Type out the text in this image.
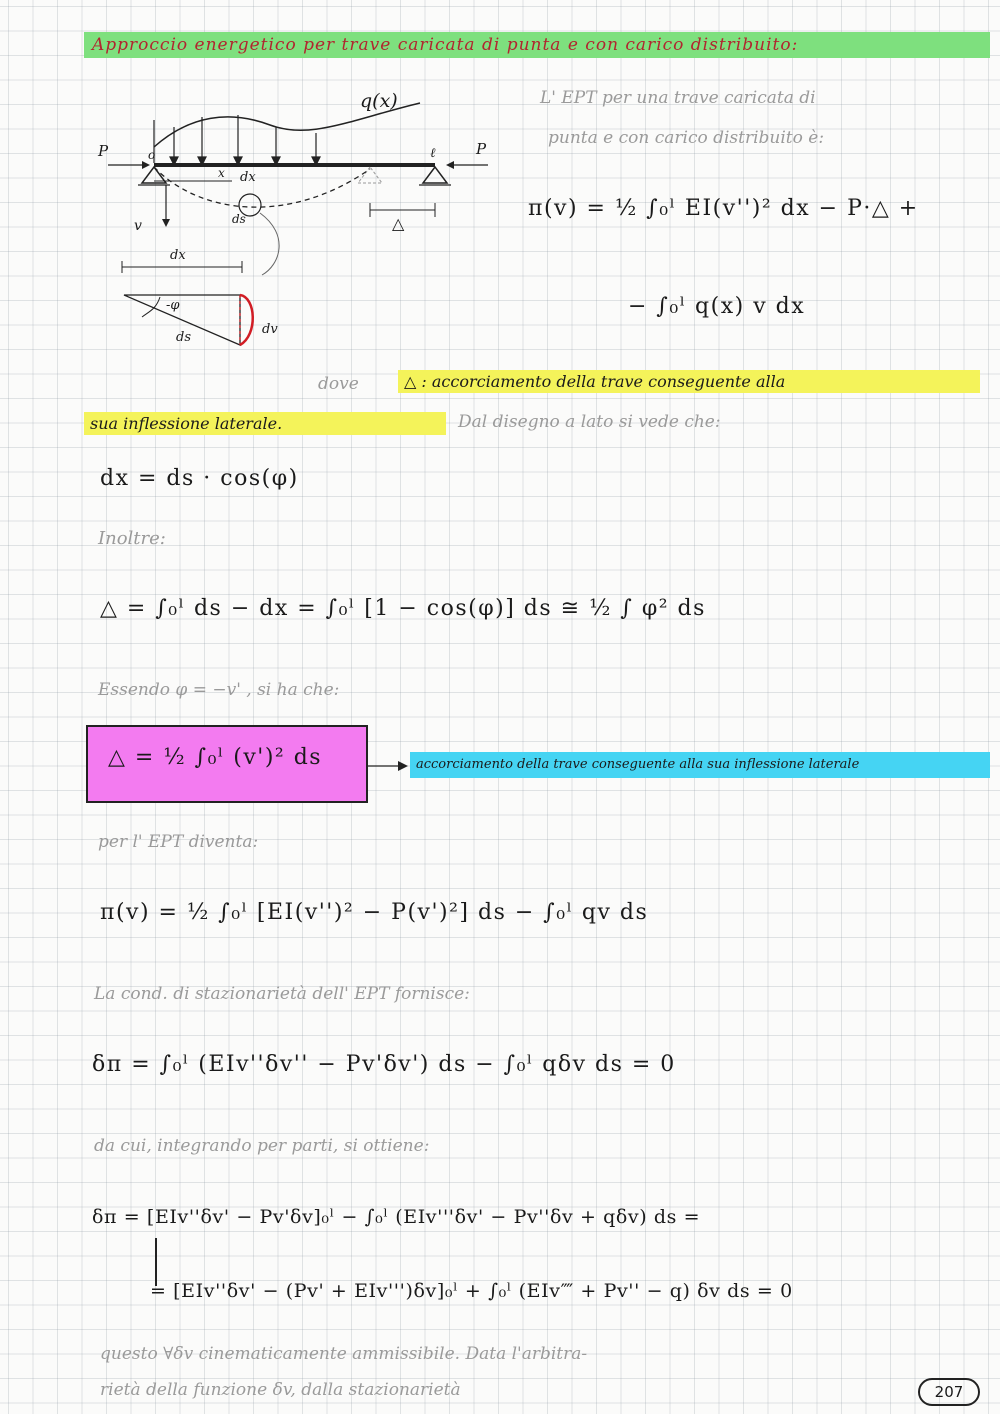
Approccio energetico per trave caricata di punta e con carico distribuito:
q(x)
P	P
o	ℓ
x dx
ds
v	△
dx
-φ
ds
dv
L' EPT per una trave caricata di
punta e con carico distribuito è:
π(v) = ½ ∫₀ˡ EI(v'')² dx − P·△ +
− ∫₀ˡ q(x) v dx
dove	△ : accorciamento della trave conseguente alla
sua inflessione laterale.	Dal disegno a lato si vede che:
dx = ds · cos(φ)
Inoltre:
△ = ∫₀ˡ ds − dx = ∫₀ˡ [1 − cos(φ)] ds ≅ ½ ∫ φ² ds
Essendo φ = −v' , si ha che:
△ = ½ ∫₀ˡ (v')² ds	accorciamento della trave conseguente alla sua inflessione laterale
per l' EPT diventa:
π(v) = ½ ∫₀ˡ [EI(v'')² − P(v')²] ds − ∫₀ˡ qv ds
La cond. di stazionarietà dell' EPT fornisce:
δπ = ∫₀ˡ (EIv''δv'' − Pv'δv') ds − ∫₀ˡ qδv ds = 0
da cui, integrando per parti, si ottiene:
δπ = [EIv''δv' − Pv'δv]₀ˡ − ∫₀ˡ (EIv'''δv' − Pv''δv + qδv) ds =
= [EIv''δv' − (Pv' + EIv''')δv]₀ˡ + ∫₀ˡ (EIv⁗ + Pv'' − q) δv ds = 0
questo ∀δv cinematicamente ammissibile. Data l'arbitra-
rietà della funzione δv, dalla stazionarietà	207
